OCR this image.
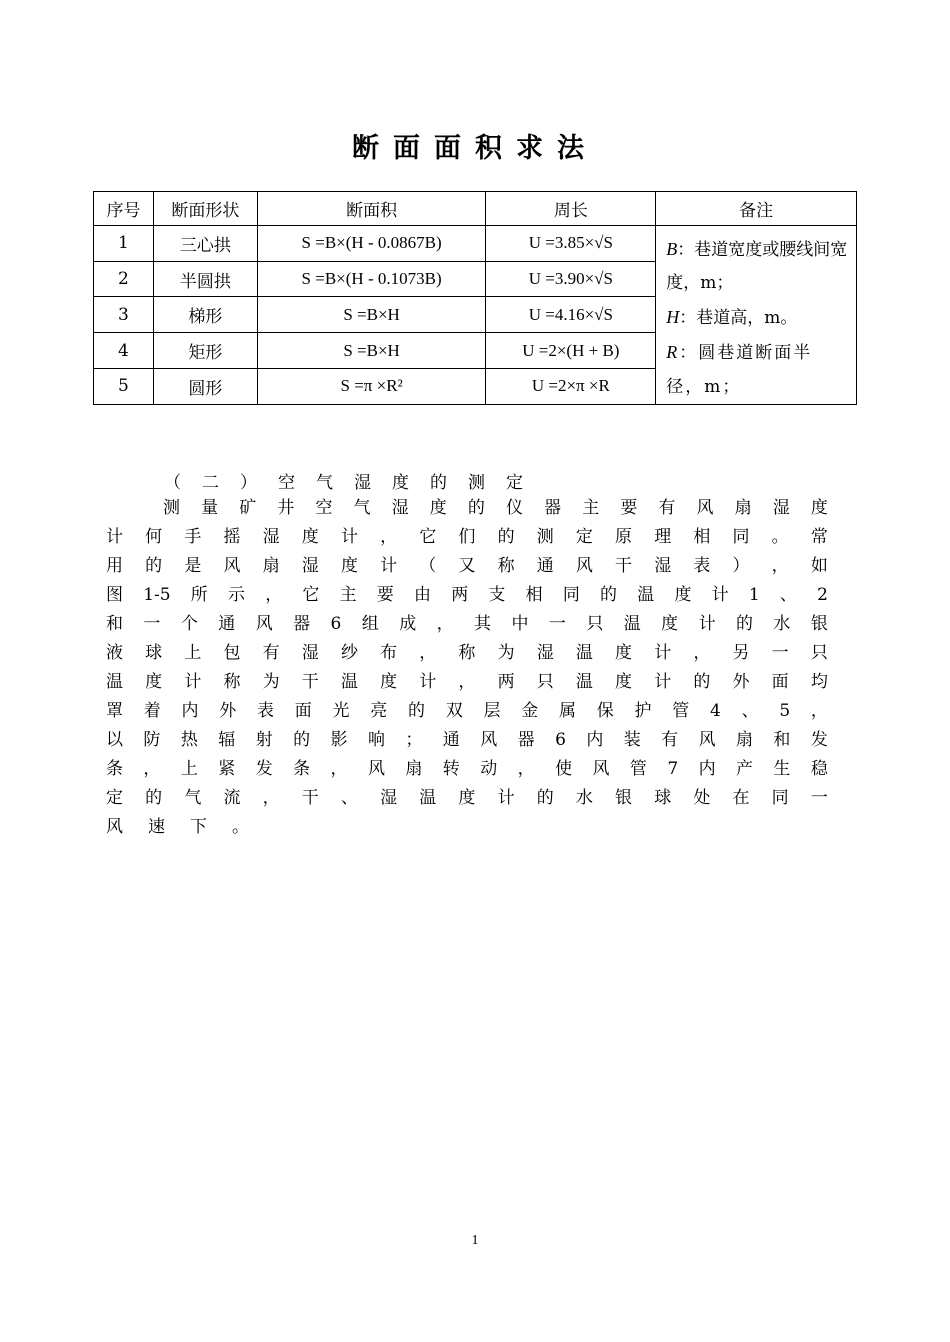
断面面积求法
序号	断面形状	断面积	周长	备注
1	三心拱	S =B×(H - 0.0867B)	U =3.85×√S	B：巷道宽度或腰线间宽度，m；
H：巷道高，m。
R：圆巷道断面半径，m；

2	半圆拱	S =B×(H - 0.1073B)	U =3.90×√S	
3	梯形	S =B×H	U =4.16×√S	
4	矩形	S =B×H	U =2×(H + B)	
5	圆形	S =π ×R²	U =2×π ×R	
（二）空气湿度的测定
测 量 矿 井 空 气 湿 度 的 仪 器 主 要 有 风 扇 湿 度
计 何 手 摇 湿 度 计 ， 它 们 的 测 定 原 理 相 同 。 常
用 的 是 风 扇 湿 度 计 （ 又 称 通 风 干 湿 表 ） ， 如
图 1-5 所 示 ， 它 主 要 由 两 支 相 同 的 温 度 计 1 、 2
和 一 个 通 风 器 6 组 成 ， 其 中 一 只 温 度 计 的 水 银
液 球 上 包 有 湿 纱 布 ， 称 为 湿 温 度 计 ， 另 一 只
温 度 计 称 为 干 温 度 计 ， 两 只 温 度 计 的 外 面 均
罩 着 内 外 表 面 光 亮 的 双 层 金 属 保 护 管 4 、 5 ，
以 防 热 辐 射 的 影 响 ； 通 风 器 6 内 装 有 风 扇 和 发
条 ， 上 紧 发 条 ， 风 扇 转 动 ， 使 风 管 7 内 产 生 稳
定 的 气 流 ， 干 、 湿 温 度 计 的 水 银 球 处 在 同 一
风 速 下 。
1
